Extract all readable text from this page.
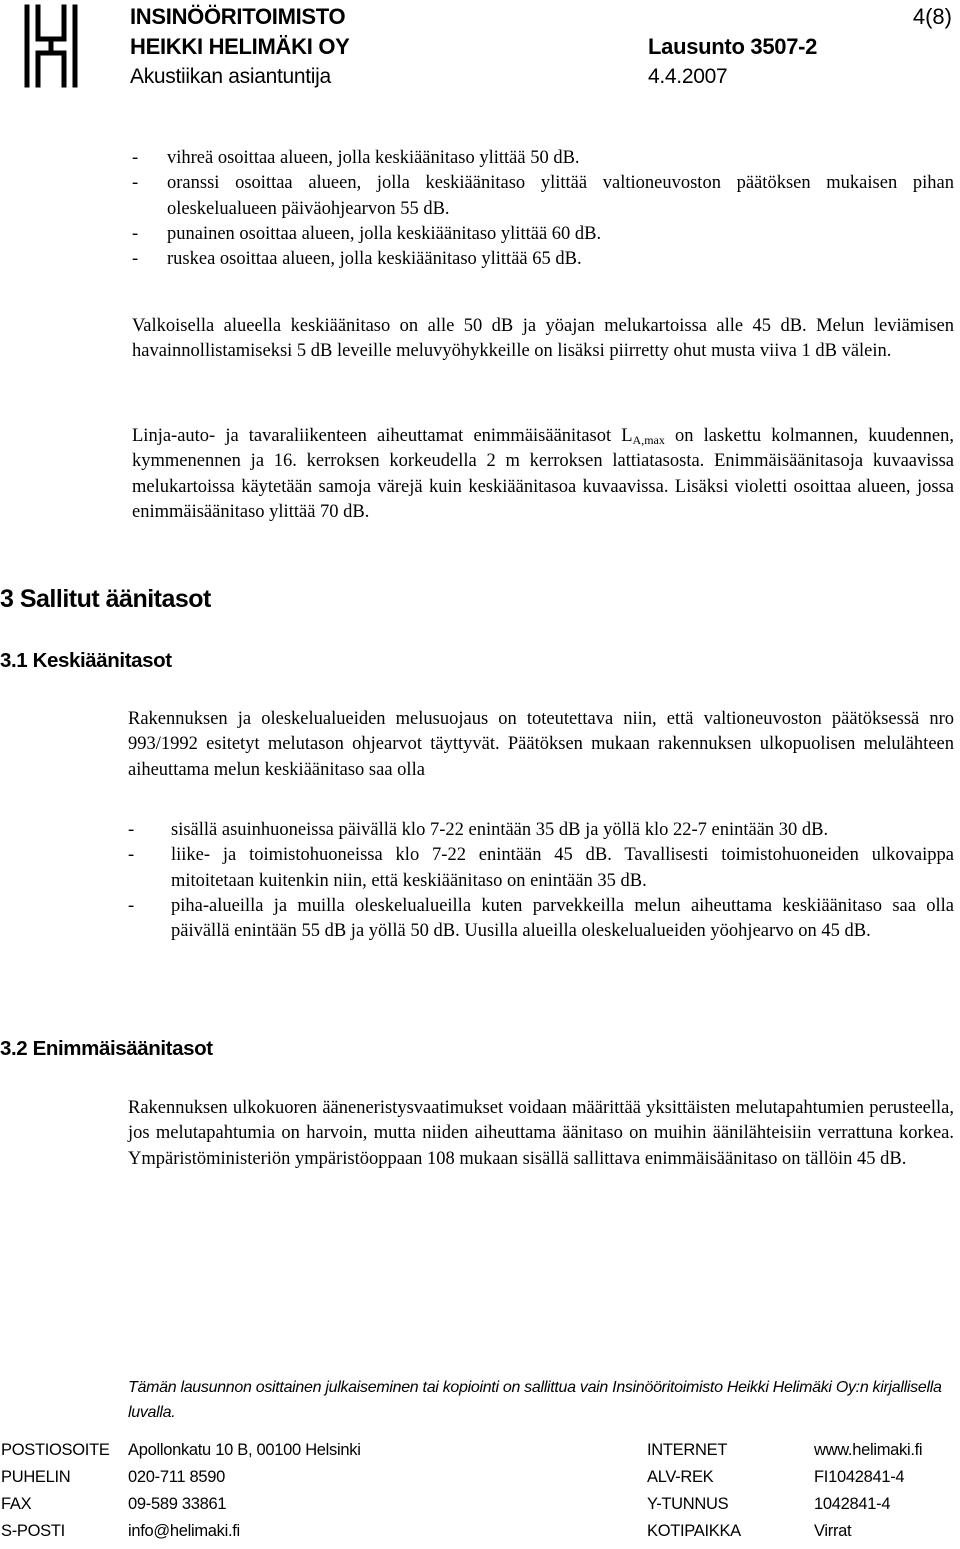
INSINÖÖRITOIMISTO
HEIKKI HELIMÄKI OY
Akustiikan asiantuntija
Lausunto 3507-2
4.4.2007
4(8)
- vihreä osoittaa alueen, jolla keskiäänitaso ylittää 50 dB.
- oranssi osoittaa alueen, jolla keskiäänitaso ylittää valtioneuvoston päätöksen mukaisen pihan oleskelualueen päiväohjearvon 55 dB.
- punainen osoittaa alueen, jolla keskiäänitaso ylittää 60 dB.
- ruskea osoittaa alueen, jolla keskiäänitaso ylittää 65 dB.

Valkoisella alueella keskiäänitaso on alle 50 dB ja yöajan melukartoissa alle 45 dB. Melun leviämisen havainnollistamiseksi 5 dB leveille meluvyöhykkeille on lisäksi piirretty ohut musta viiva 1 dB välein.

Linja-auto- ja tavaraliikenteen aiheuttamat enimmäisäänitasot $L_{A,max}$ on laskettu kolmannen, kuudennen, kymmenennen ja 16. kerroksen korkeudella 2 m kerroksen lattiatasosta. Enimmäisäänitasoja kuvaavissa melukartoissa käytetään samoja värejä kuin keskiäänitasoa kuvaavissa. Lisäksi violetti osoittaa alueen, jossa enimmäisäänitaso ylittää 70 dB.

3 Sallitut äänitasot
3.1 Keskiäänitasot

Rakennuksen ja oleskelualueiden melusuojaus on toteutettava niin, että valtioneuvoston päätöksessä nro 993/1992 esitetyt melutason ohjearvot täyttyvät. Päätöksen mukaan rakennuksen ulkopuolisen melulähteen aiheuttama melun keskiäänitaso saa olla

- sisällä asuinhuoneissa päivällä klo 7-22 enintään 35 dB ja yöllä klo 22-7 enintään 30 dB.
- liike- ja toimistohuoneissa klo 7-22 enintään 45 dB. Tavallisesti toimistohuoneiden ulkovaippa mitoitetaan kuitenkin niin, että keskiäänitaso on enintään 35 dB.
- piha-alueilla ja muilla oleskelualueilla kuten parvekkeilla melun aiheuttama keskiäänitaso saa olla päivällä enintään 55 dB ja yöllä 50 dB. Uusilla alueilla oleskelualueiden yöohjearvo on 45 dB.
3.2 Enimmäisäänitasot

Rakennuksen ulkokuoren ääneneristysvaatimukset voidaan määrittää yksittäisten melutapahtumien perusteella, jos melutapahtumia on harvoin, mutta niiden aiheuttama äänitaso on muihin äänilähteisiin verrattuna korkea. Ympäristöministeriön ympäristöoppaan 108 mukaan sisällä sallittava enimmäisäänitaso on tällöin 45 dB.

Tämän lausunnon osittainen julkaiseminen tai kopiointi on sallittua vain Insinööritoimisto Heikki Helimäki Oy:n kirjallisella luvalla.
POSTIOSOITE Apollonkatu 10 B, 00100 Helsinki	INTERNET	www.helimaki.fi
PUHELIN	020-711 8590	ALV-REK	FI1042841-4
FAX	09-589 33861	Y-TUNNUS	1042841-4
S-POSTI	info@helimaki.fi	KOTIPAIKKA	Virrat
